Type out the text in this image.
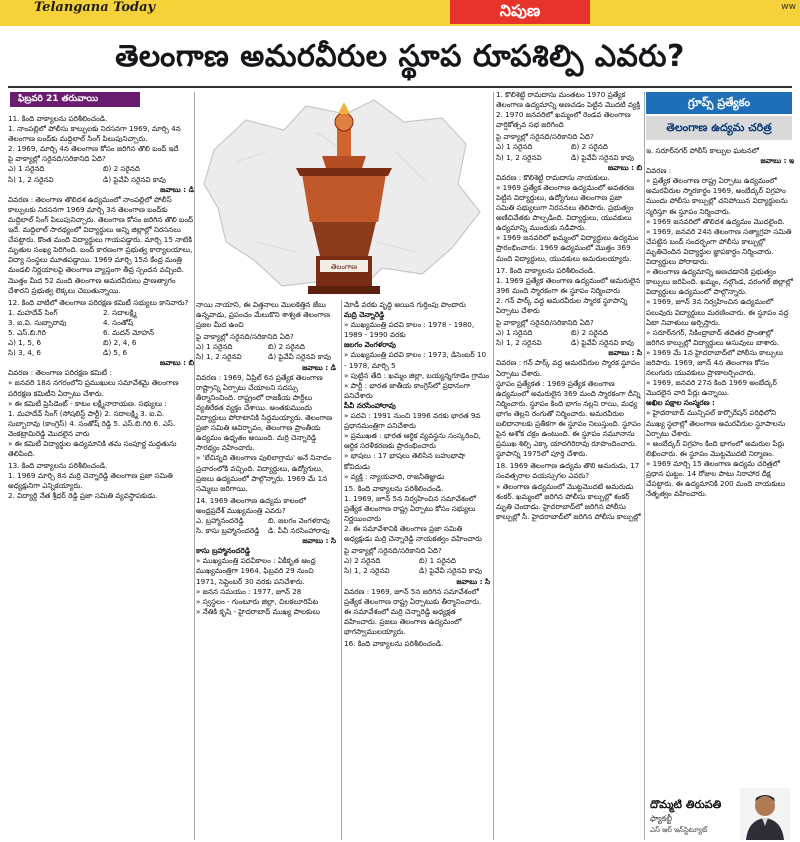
Telangana Today	నిపుణ	ww
తెలంగాణ అమరవీరుల స్థూప రూపశిల్పి ఎవరు?
ఫిబ్రవరి 21 తరువాయి

11. కింది వాక్యాలను పరిశీలించండి.

1. నాంపల్లిలో పోలీసు కాల్పులకు నిరసనగా 1969, మార్చి 4న తెలంగాణ బంద్‌కు మద్దిలాల్ సింగ్ పిలుపునిచ్చారు.

2. 1969, మార్చి 4న తెలంగాణ కోసం జరిగిన తొలి బంద్ ఇదే

పై వాక్యాల్లో సరైనది/సరికానిది ఏది?

ఎ) 1 సరైనది	బి) 2 సరైనది
సి) 1, 2 సరైనవి	డి) పైవేవీ సరైనవి కావు

జవాబు : డి

వివరణ : తెలంగాణ తొలిదశ ఉద్యమంలో నాంపల్లిలో పోలీస్ కాల్పులకు నిరసనగా 1969 మార్చి 3న తెలంగాణ బంద్‌కు మద్దిలాల్ సింగ్ పిలుపునిచ్చారు. తెలంగాణ కోసం జరిగిన తొలి బంద్ ఇదే. మద్దిలాల్ సారథ్యంలో విద్యార్థులు అన్ని జిల్లాల్లో నిరసనలు చేపట్టారు. కొంత మంది విద్యార్థులు గాయపడ్డారు. మార్చి 15 నాటికి మృతుల సంఖ్య పెరిగింది. బంద్ కారణంగా ప్రభుత్వ కార్యాలయాలు, విద్యా సంస్థలు మూతపడ్డాయి. 1969 మార్చి 15న కేంద్ర మంత్రి మండలి నిర్ణయాలపై తెలంగాణ వ్యాప్తంగా తీవ్ర స్పందన వచ్చింది. మొత్తం మీద 52 మంది తెలంగాణ అమరవీరులు ప్రాణత్యాగం చేశారని ప్రభుత్వ లెక్కలు చెబుతున్నాయి.

12. కింది వాటిలో తెలంగాణ పరిరక్షణ కమిటీ సభ్యులు కానివారు?

1. మహదేవ్ సింగ్	2. సదాలక్ష్మి
3. ఐ.వి. సుబ్బారావు	4. సంతోష్
5. ఎస్.బి.గిరి	6. మదన్ మోహన్
ఎ) 1, 5, 6	బి) 2, 4, 6
సి) 3, 4, 6	డి) 5, 6

జవాబు : బి

వివరణ : తెలంగాణ పరిరక్షణ కమిటీ :

» జనవరి 18న నగరంలోని ప్రముఖులు సమావేశమై తెలంగాణ పరిరక్షణ కమిటీని ఏర్పాటు చేశారు.

» ఈ కమిటీ ప్రెసిడెంట్ - కాటం లక్ష్మీనారాయణ. సభ్యులు :

1. మహదేవ్ సింగ్ (సోషలిస్ట్ పార్టీ) 2. సదాలక్ష్మి 3. ఐ.వి. సుబ్బారావు (కాంగ్రెస్) 4. సంతోష్ రెడ్డి 5. ఎస్.బి.గిరి 6. ఎస్. వెంకట్రామిరెడ్డి మొదలైన వారు

» ఈ కమిటీ విద్యార్థుల ఉద్యమానికి తమ సంపూర్ణ మద్దతును తెలిపింది.

13. కింది వాక్యాలను పరిశీలించండి.

1. 1969 మార్చి 8న మర్రి చెన్నారెడ్డి తెలంగాణ ప్రజా సమితి అధ్యక్షునిగా ఎన్నికయ్యారు.

2. విద్యార్థి నేత శ్రీధర్ రెడ్డి ప్రజా సమితి వ్యవస్థాపకుడు.

తెలంగాణ

నాయి నాయాని, ఈ విత్తనాలు మొలకెత్తిన జేబు ఉన్నవాడు, ప్రపంచం మేలుకొని శాశ్వత తెలంగాణ ప్రజల మీద ఉంచి

పై వాక్యాల్లో సరైనది/సరికానిది ఏది?

ఎ) 1 సరైనది	బి) 2 సరైనది
సి) 1, 2 సరైనవి	డి) పైవేవీ సరైనవి కావు

జవాబు : డి

వివరణ : 1969, ఏప్రిల్ 6న ప్రత్యేక తెలంగాణ రాష్ట్రాన్ని ఏర్పాటు చేయాలని సదస్సు తీర్మానించింది. రాష్ట్రంలో రాజకీయ పార్టీలు వ్యతిరేకత వ్యక్తం చేశాయి. అంతకుముందు విద్యార్థులు పోరాటానికి సిద్ధమయ్యారు. తెలంగాణ ప్రజా సమితి ఆవిర్భావం, తెలంగాణ ప్రాంతీయ ఉద్యమం ఉధృతం అయింది. మర్రి చెన్నారెడ్డి సారథ్యం వహించారు.

» 'లేచిన్నది తెలంగాణ పులిలాగ్రామ' అనే నినాదం ప్రచారంలోకి వచ్చింది. విద్యార్థులు, ఉద్యోగులు, ప్రజలు ఉద్యమంలో పాల్గొన్నారు. 1969 మే 1న సమ్మెలు జరిగాయి.

14. 1969 తెలంగాణ ఉద్యమ కాలంలో అంధ్రప్రదేశ్ ముఖ్యమంత్రి ఎవరు?

ఎ. బ్రహ్మానందరెడ్డి	బి. జలగం వెంగళరావు
సి. కాసు బ్రహ్మానందరెడ్డి	డి. పీవీ నరసింహారావు

జవాబు : సి

కాసు బ్రహ్మానందరెడ్డి

» ముఖ్యమంత్రి పదవీకాలం : ఏకీకృత ఆంధ్ర ముఖ్యమంత్రిగా 1964, ఫిబ్రవరి 29 నుంచి 1971, సెప్టెంబర్ 30 వరకు పనిచేశారు.

» జనన సమయం : 1977, జూన్ 28

» స్వస్థలం - గుంటూరు జిల్లా, చిలకలూరిపేట

» నేతికి కృషి - హైదరాబాద్ ముఖ్య పాలకులు

మోడీ వరకు వృద్ధి అయిన గుర్తింపు పొందారు

మద్రి చెన్నారెడ్డి

» ముఖ్యమంత్రి పదవి కాలం : 1978 - 1980, 1989 - 1990 వరకు

జలగం వెంగళరావు

» ముఖ్యమంత్రి పదవి కాలం : 1973, డిసెంబర్ 10 - 1978, మార్చి 5

» పుట్టిన తేది : ఖమ్మం జిల్లా, బయ్యన్నగూడెం గ్రామం

» పార్టీ : భారత జాతీయ కాంగ్రెస్‌లో ప్రధానంగా పనిచేశారు

పీవీ నరసింహారావు

» పదవి : 1991 నుంచి 1996 వరకు భారత 9వ ప్రధానమంత్రిగా పనిచేశారు

» ప్రముఖత : భారత ఆర్థిక వ్యవస్థను సంస్కరించి, ఆర్థిక సరళీకరణకు ప్రారంభించారు

» భాషలు : 17 భాషలు తెలిసిన బహుభాషా కోవిదుడు

» వ్యక్తి : న్యాయవాది, రాజనీతిజ్ఞుడు

15. కింది వాక్యాలను పరిశీలించండి.

1. 1969, జూన్ 5న నిర్వహించిన సమావేశంలో ప్రత్యేక తెలంగాణ రాష్ట్ర ఏర్పాటు కోసం సభ్యులు నిర్ణయించారు

2. ఈ సమావేశానికి తెలంగాణ ప్రజా సమితి అధ్యక్షుడు మర్రి చెన్నారెడ్డి నాయకత్వం వహించారు

పై వాక్యాల్లో సరైనది/సరికానిది ఏది?

ఎ) 2 సరైనది	బి) 1 సరైనది
సి) 1, 2 సరైనవి	డి) పైవేవీ సరైనవి కావు

జవాబు : సి

వివరణ : 1969, జూన్ 5న జరిగిన సమావేశంలో ప్రత్యేక తెలంగాణ రాష్ట్ర ఏర్పాటుకు తీర్మానించారు. ఈ సమావేశంలో మర్రి చెన్నారెడ్డి అధ్యక్షత వహించారు. ప్రజలు తెలంగాణ ఉద్యమంలో భాగస్వాములయ్యారు.

16. కింది వాక్యాలను పరిశీలించండి.

1. కొలిశెట్టి రామదాసు మంతటం 1970 ప్రత్యేక తెలంగాణ ఉద్యమాన్ని అణచడం పెట్టిన మొదటి వ్యక్తి

2. 1970 జనవరిలో ఖమ్మంలో రెండవ తెలంగాణ వార్షికోత్సవ సభ జరిగింది

పై వాక్యాల్లో సరైనది/సరికానిది ఏది?

ఎ) 1 సరైనది	బి) 2 సరైనది
సి) 1, 2 సరైనవి	డి) పైవేవీ సరైనవి కావు

జవాబు : బి

వివరణ : కొలిశెట్టి రామదాసు నాయకులు.

» 1969 ప్రత్యేక తెలంగాణ ఉద్యమంలో అవతరణ పెట్టిన విద్యార్థులు, ఉద్యోగులు తెలంగాణ ప్రజా సమితి సభ్యులుగా నిరసనలు తెలిపారు. ప్రభుత్వం అణిచివేతకు పాల్పడింది. విద్యార్థులు, యువకులు ఉద్యమాన్ని ముందుకు నడిపారు.

» 1969 జనవరిలో ఖమ్మంలో విద్యార్థులు ఉద్యమం ప్రారంభించారు. 1969 ఉద్యమంలో మొత్తం 369 మంది విద్యార్థులు, యువకులు అమరులయ్యారు.

17. కింది వాక్యాలను పరిశీలించండి.

1. 1969 ప్రత్యేక తెలంగాణ ఉద్యమంలో అమరులైన 396 మంది స్మారకంగా ఈ స్థూపం నిర్మించారు

2. గన్ పార్క్ వద్ద అమరవీరుల స్మారక స్థూపాన్ని ఏర్పాటు చేశారు

పై వాక్యాల్లో సరైనది/సరికానిది ఏది?

ఎ) 1 సరైనది	బి) 2 సరైనది
సి) 1, 2 సరైనవి	డి) పైవేవీ సరైనవి కావు

జవాబు : సి

వివరణ : గన్ పార్క్ వద్ద అమరవీరుల స్మారక స్థూపం ఏర్పాటు చేశారు.

స్థూపం ప్రత్యేకత : 1969 ప్రత్యేక తెలంగాణ ఉద్యమంలో అమరులైన 369 మంది స్మారకంగా దీన్ని నిర్మించారు. స్థూపం కింది భాగం నల్లని రాయి, మధ్య భాగం తెల్లని రంగుతో నిర్మించారు. అమరవీరుల బలిదానాలకు ప్రతీకగా ఈ స్థూపం నిలుస్తుంది. స్థూపం పైన అశోక చక్రం ఉంటుంది. ఈ స్థూపం నమూనాను ప్రముఖ శిల్పి ఎక్కా యాదగిరిరావు రూపొందించారు. స్థూపాన్ని 1975లో పూర్తి చేశారు.

18. 1969 తెలంగాణ ఉద్యమ తొలి అమరుడు, 17 సంవత్సరాల వయస్సుగల ఎవరు?

» తెలంగాణ ఉద్యమంలో మొట్టమొదటి అమరుడు శంకర్. ఖమ్మంలో జరిగిన పోలీసు కాల్పుల్లో శంకర్ మృతి చెందాడు. హైదరాబాద్‌లో జరిగిన పోలీసు కాల్పుల్లో సీ. హైదరాబాద్‌లో జరిగిన పోలీసు కాల్పుల్లో

గ్రూప్స్ ప్రత్యేకం
తెలంగాణ ఉద్యమ చరిత్ర

ఇ. సరూర్‌నగర్ పోలీస్ కాల్పుల ఘటనలో

జవాబు : ఇ

వివరణ :

» ప్రత్యేక తెలంగాణ రాష్ట్ర ఏర్పాటు ఉద్యమంలో అమరవీరుల స్మారకార్థం 1969, అంబేద్కర్ విగ్రహం ముందు పోలీసు కాల్పుల్లో చనిపోయిన విద్యార్థులను స్మరిస్తూ ఈ స్థూపం నిర్మించారు.

» 1969 జనవరిలో తొలిదశ ఉద్యమం మొదలైంది.

» 1969, జనవరి 24న తెలంగాణ సత్యాగ్రహ సమితి చేపట్టిన బంద్ సందర్భంగా పోలీసు కాల్పుల్లో మృతిచెందిన విద్యార్థుల జ్ఞాపకార్థం నిర్మించారు. విద్యార్థులు పోరాడారు.

» తెలంగాణ ఉద్యమాన్ని అణచడానికి ప్రభుత్వం కాల్పులు జరిపింది. ఖమ్మం, నల్గొండ, వరంగల్ జిల్లాల్లో విద్యార్థులు ఉద్యమంలో పాల్గొన్నారు.

» 1969, జూన్ 3న నిర్వహించిన ఉద్యమంలో పలువురు విద్యార్థులు మరణించారు. ఈ స్థూపం వద్ద ఏటా నివాళులు అర్పిస్తారు.

» సరూర్‌నగర్, సికింద్రాబాద్ తదితర ప్రాంతాల్లో జరిగిన కాల్పుల్లో విద్యార్థులు అసువులు బాశారు.

» 1969 మే 1న హైదరాబాద్‌లో పోలీసు కాల్పులు జరిపారు. 1969, జూన్ 4న తెలంగాణ కోసం నలుగురు యువకులు ప్రాణాలర్పించారు.

» 1969, జనవరి 27న కింది 1969 అంబేద్కర్ మొదలైన వారి పేర్లు ఉన్నాయి.

అఖిల పక్షాల సంస్మరణ :

» హైదరాబాద్ మున్సిపల్ కార్పొరేషన్ పరిధిలోని ముఖ్య స్థలాల్లో తెలంగాణ అమరవీరుల స్థూపాలను ఏర్పాటు చేశారు.

» అంబేద్కర్ విగ్రహం కింది భాగంలో అమరుల పేర్లు లిఖించారు. ఈ స్థూపం మొట్టమొదటి నిర్మాణం.

» 1969 మార్చి 15 తెలంగాణ ఉద్యమ చరిత్రలో ప్రధాన ఘట్టం. 14 రోజుల పాటు నిరాహార దీక్ష చేపట్టారు. ఈ ఉద్యమానికి 200 మంది నాయకులు నేతృత్వం వహించారు.

దొమ్మటి తిరుపతి
ఫ్యాకల్టీ
ఎస్ ఆర్ ఇన్‌స్టిట్యూట్
